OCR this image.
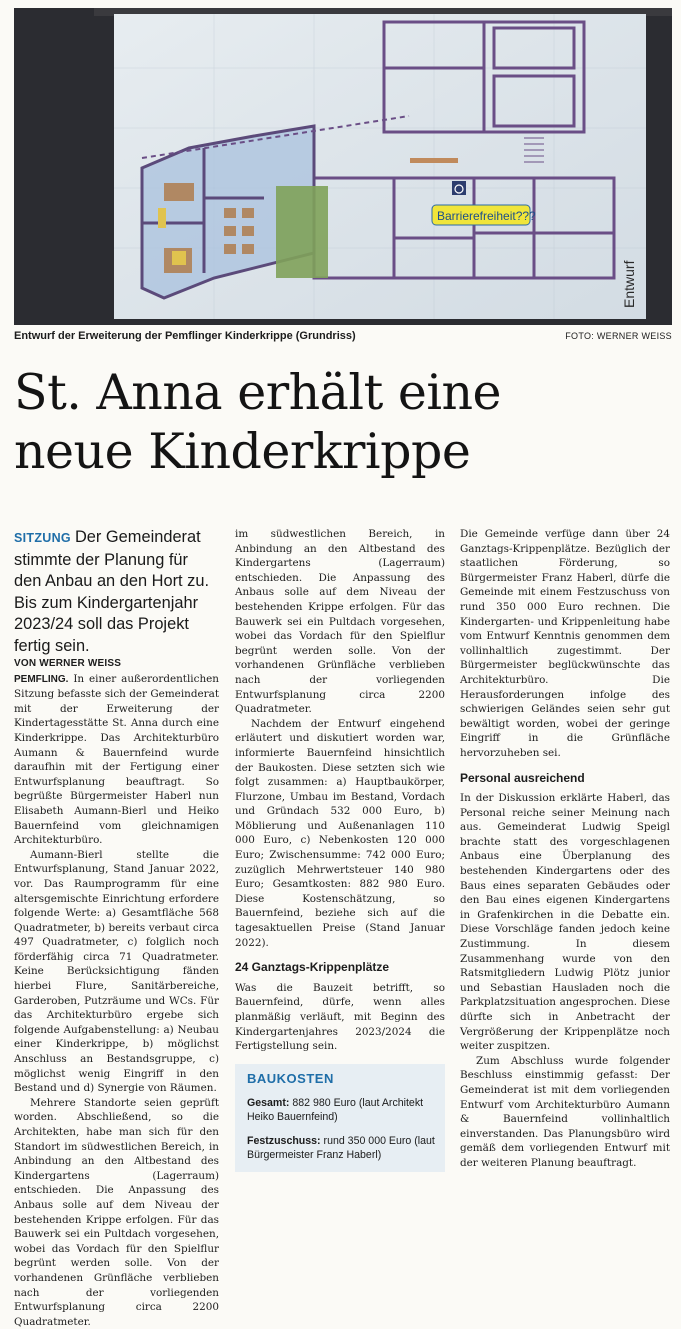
Barrierefreiheit???
Entwurf
Entwurf der Erweiterung der Pemflinger Kinderkrippe (Grundriss)	FOTO: WERNER WEISS
St. Anna erhält eine
neue Kinderkrippe

SITZUNG Der Gemeinderat stimmte der Planung für den Anbau an den Hort zu. Bis zum Kindergartenjahr 2023/24 soll das Projekt fertig sein.

VON WERNER WEISS

PEMFLING. In einer außerordentlichen Sitzung befasste sich der Gemeinderat mit der Erweiterung der Kindertagesstätte St. Anna durch eine Kinderkrippe. Das Architekturbüro Aumann & Bauernfeind wurde daraufhin mit der Fertigung einer Entwurfsplanung beauftragt. So begrüßte Bürgermeister Haberl nun Elisabeth Aumann-Bierl und Heiko Bauernfeind vom gleichnamigen Architekturbüro.

Aumann-Bierl stellte die Entwurfsplanung, Stand Januar 2022, vor. Das Raumprogramm für eine altersgemischte Einrichtung erfordere folgende Werte: a) Gesamtfläche 568 Quadratmeter, b) bereits verbaut circa 497 Quadratmeter, c) folglich noch förderfähig circa 71 Quadratmeter. Keine Berücksichtigung fänden hierbei Flure, Sanitärbereiche, Garderoben, Putzräume und WCs. Für das Architekturbüro ergebe sich folgende Aufgabenstellung: a) Neubau einer Kinderkrippe, b) möglichst Anschluss an Bestandsgruppe, c) möglichst wenig Eingriff in den Bestand und d) Synergie von Räumen.

Mehrere Standorte seien geprüft worden. Abschließend, so die Architekten, habe man sich für den Standort im südwestlichen Bereich, in Anbindung an den Altbestand des Kindergartens (Lagerraum) entschieden. Die Anpassung des Anbaus solle auf dem Niveau der bestehenden Krippe erfolgen. Für das Bauwerk sei ein Pultdach vorgesehen, wobei das Vordach für den Spielflur begrünt werden solle. Von der vorhandenen Grünfläche verblieben nach der vorliegenden Entwurfsplanung circa 2200 Quadratmeter.

im südwestlichen Bereich, in Anbindung an den Altbestand des Kindergartens (Lagerraum) entschieden. Die Anpassung des Anbaus solle auf dem Niveau der bestehenden Krippe erfolgen. Für das Bauwerk sei ein Pultdach vorgesehen, wobei das Vordach für den Spielflur begrünt werden solle. Von der vorhandenen Grünfläche verblieben nach der vorliegenden Entwurfsplanung circa 2200 Quadratmeter.

Nachdem der Entwurf eingehend erläutert und diskutiert worden war, informierte Bauernfeind hinsichtlich der Baukosten. Diese setzten sich wie folgt zusammen: a) Hauptbaukörper, Flurzone, Umbau im Bestand, Vordach und Gründach 532 000 Euro, b) Möblierung und Außenanlagen 110 000 Euro, c) Nebenkosten 120 000 Euro; Zwischensumme: 742 000 Euro; zuzüglich Mehrwertsteuer 140 980 Euro; Gesamtkosten: 882 980 Euro. Diese Kostenschätzung, so Bauernfeind, beziehe sich auf die tagesaktuellen Preise (Stand Januar 2022).

24 Ganztags-Krippenplätze

Was die Bauzeit betrifft, so Bauernfeind, dürfe, wenn alles planmäßig verläuft, mit Beginn des Kindergartenjahres 2023/2024 die Fertigstellung sein.

BAUKOSTEN
Gesamt: 882 980 Euro (laut Architekt Heiko Bauernfeind)
Festzuschuss: rund 350 000 Euro (laut Bürgermeister Franz Haberl)

Die Gemeinde verfüge dann über 24 Ganztags-Krippenplätze. Bezüglich der staatlichen Förderung, so Bürgermeister Franz Haberl, dürfe die Gemeinde mit einem Festzuschuss von rund 350 000 Euro rechnen. Die Kindergarten- und Krippenleitung habe vom Entwurf Kenntnis genommen dem vollinhaltlich zugestimmt. Der Bürgermeister beglückwünschte das Architekturbüro. Die Herausforderungen infolge des schwierigen Geländes seien sehr gut bewältigt worden, wobei der geringe Eingriff in die Grünfläche hervorzuheben sei.

Personal ausreichend

In der Diskussion erklärte Haberl, das Personal reiche seiner Meinung nach aus. Gemeinderat Ludwig Speigl brachte statt des vorgeschlagenen Anbaus eine Überplanung des bestehenden Kindergartens oder des Baus eines separaten Gebäudes oder den Bau eines eigenen Kindergartens in Grafenkirchen in die Debatte ein. Diese Vorschläge fanden jedoch keine Zustimmung. In diesem Zusammenhang wurde von den Ratsmitgliedern Ludwig Plötz junior und Sebastian Hausladen noch die Parkplatzsituation angesprochen. Diese dürfte sich in Anbetracht der Vergrößerung der Krippenplätze noch weiter zuspitzen.

Zum Abschluss wurde folgender Beschluss einstimmig gefasst: Der Gemeinderat ist mit dem vorliegenden Entwurf vom Architekturbüro Aumann & Bauernfeind vollinhaltlich einverstanden. Das Planungsbüro wird gemäß dem vorliegenden Entwurf mit der weiteren Planung beauftragt.
